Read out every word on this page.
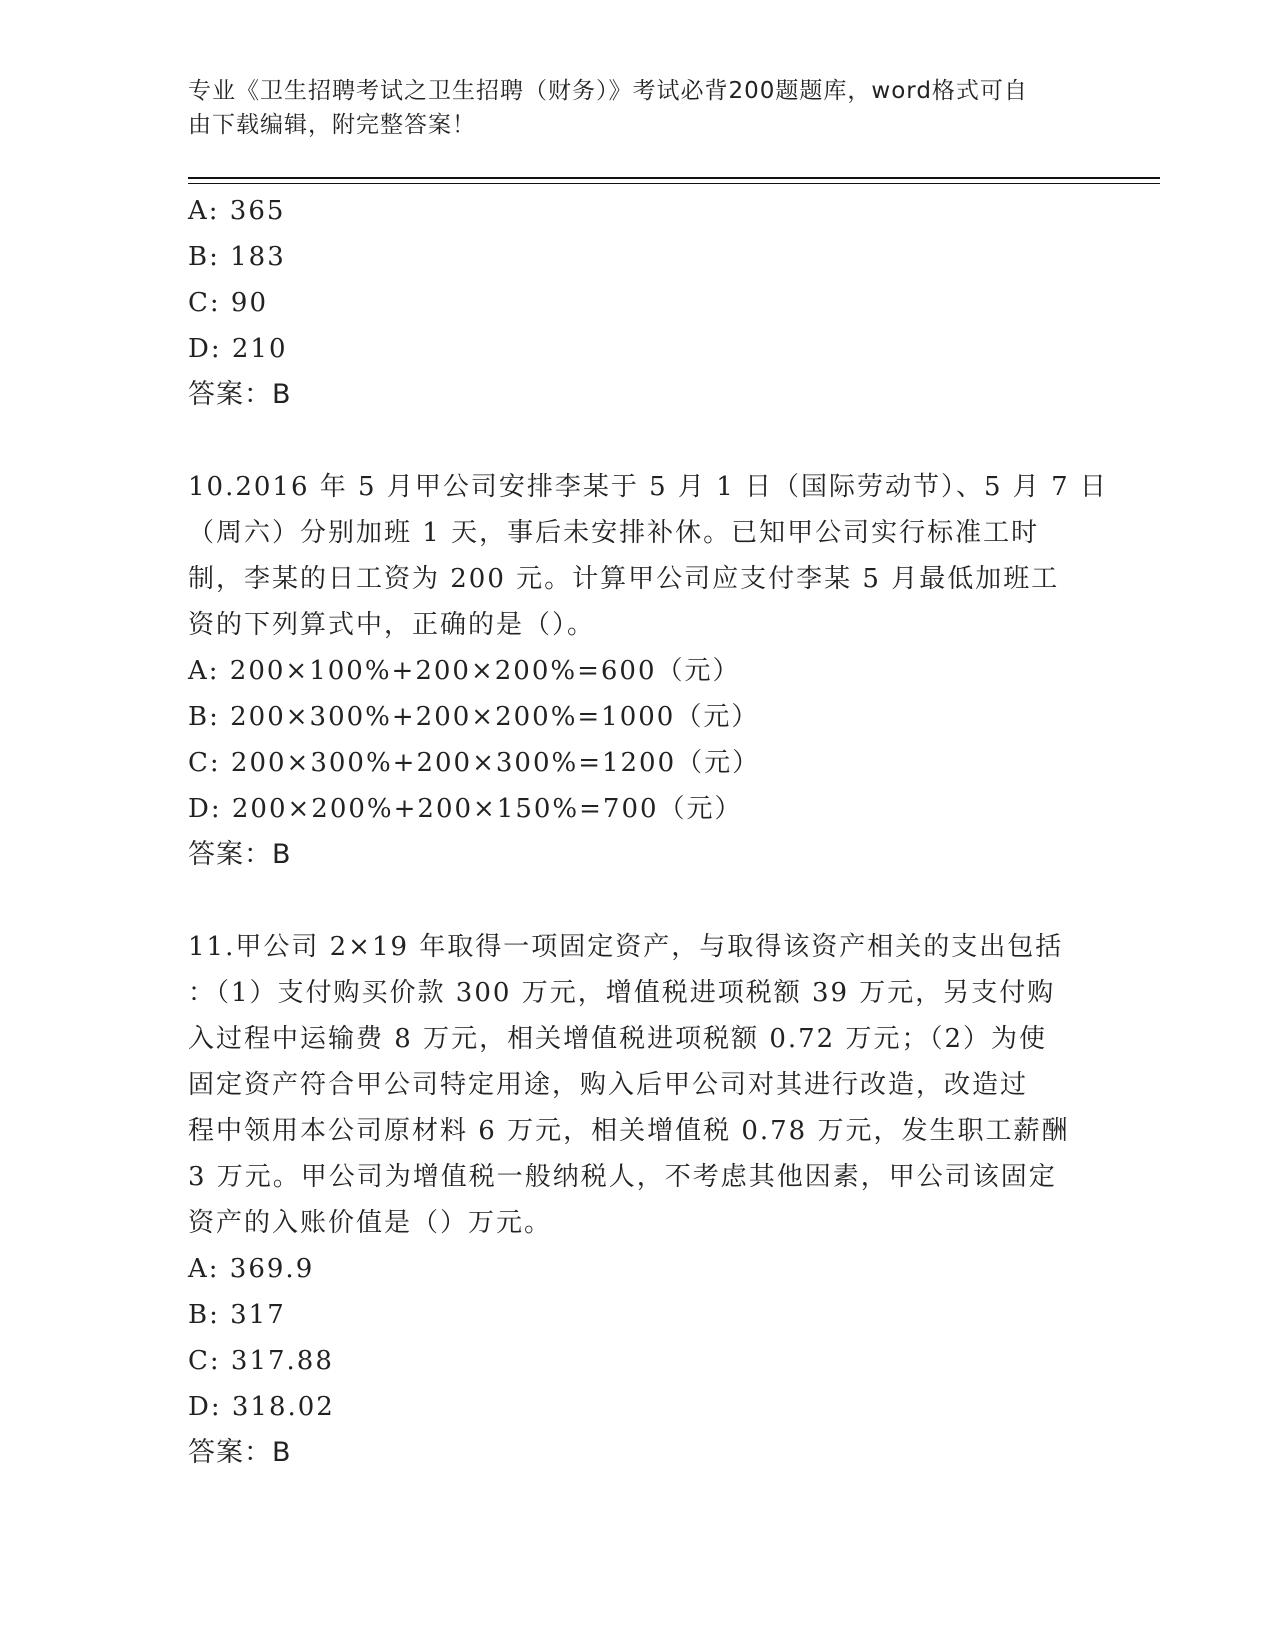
专业《卫生招聘考试之卫生招聘（财务）》考试必背200题题库，word格式可自
由下载编辑，附完整答案！
A: 365
B: 183
C: 90
D: 210
答案：B
10.2016 年 5 月甲公司安排李某于 5 月 1 日（国际劳动节）、5 月 7 日
（周六）分别加班 1 天，事后未安排补休。已知甲公司实行标准工时
制，李某的日工资为 200 元。计算甲公司应支付李某 5 月最低加班工
资的下列算式中，正确的是（）。
A: 200×100%+200×200%=600（元）
B: 200×300%+200×200%=1000（元）
C: 200×300%+200×300%=1200（元）
D: 200×200%+200×150%=700（元）
答案：B
11.甲公司 2×19 年取得一项固定资产，与取得该资产相关的支出包括
：（1）支付购买价款 300 万元，增值税进项税额 39 万元，另支付购
入过程中运输费 8 万元，相关增值税进项税额 0.72 万元；（2）为使
固定资产符合甲公司特定用途，购入后甲公司对其进行改造，改造过
程中领用本公司原材料 6 万元，相关增值税 0.78 万元，发生职工薪酬
3 万元。甲公司为增值税一般纳税人，不考虑其他因素，甲公司该固定
资产的入账价值是（）万元。
A: 369.9
B: 317
C: 317.88
D: 318.02
答案：B
